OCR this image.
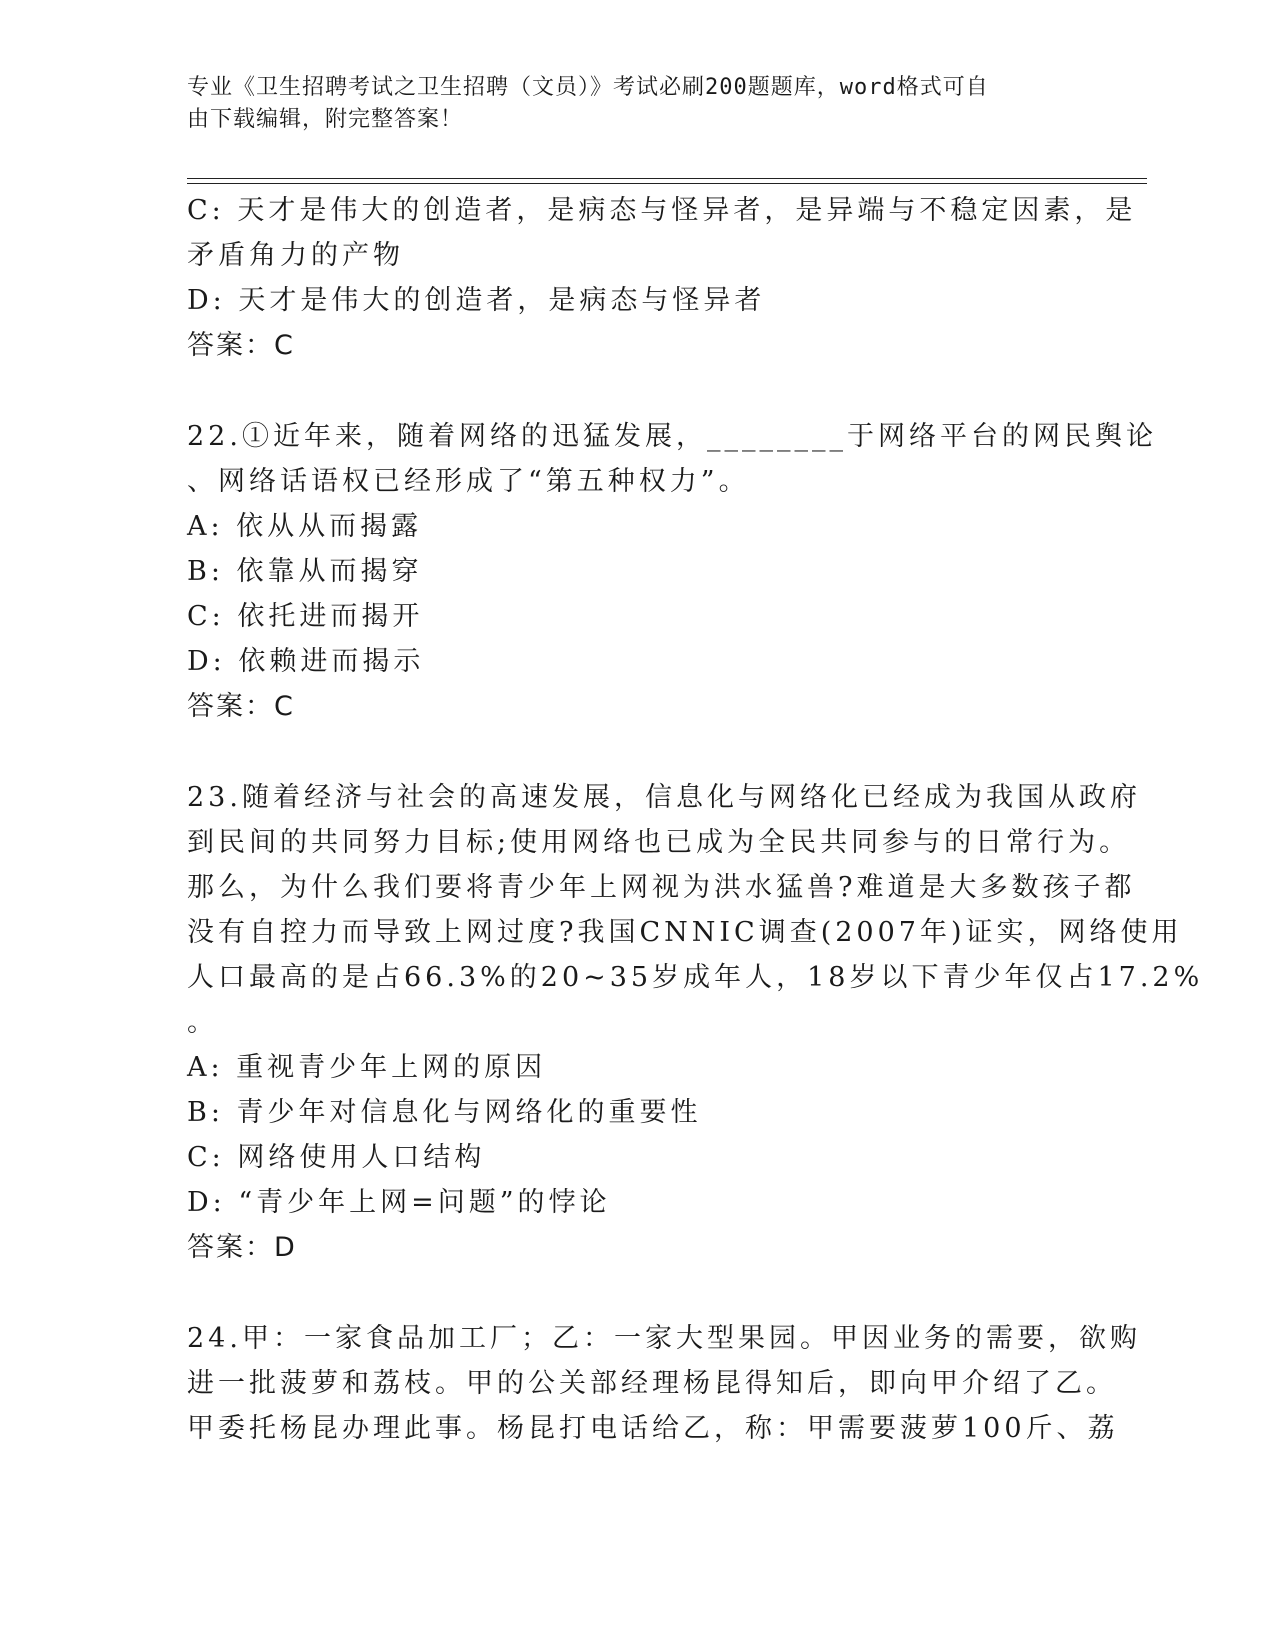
专业《卫生招聘考试之卫生招聘（文员）》考试必刷200题题库，word格式可自
由下载编辑，附完整答案！
C: 天才是伟大的创造者，是病态与怪异者，是异端与不稳定因素，是
矛盾角力的产物
D: 天才是伟大的创造者，是病态与怪异者
答案：C
22.①近年来，随着网络的迅猛发展，________于网络平台的网民舆论
、网络话语权已经形成了“第五种权力”。
A: 依从从而揭露
B: 依靠从而揭穿
C: 依托进而揭开
D: 依赖进而揭示
答案：C
23.随着经济与社会的高速发展，信息化与网络化已经成为我国从政府
到民间的共同努力目标;使用网络也已成为全民共同参与的日常行为。
那么，为什么我们要将青少年上网视为洪水猛兽?难道是大多数孩子都
没有自控力而导致上网过度?我国CNNIC调查(2007年)证实，网络使用
人口最高的是占66.3%的20~35岁成年人，18岁以下青少年仅占17.2%
。
A: 重视青少年上网的原因
B: 青少年对信息化与网络化的重要性
C: 网络使用人口结构
D: “青少年上网=问题”的悖论
答案：D
24.甲：一家食品加工厂；乙：一家大型果园。甲因业务的需要，欲购
进一批菠萝和荔枝。甲的公关部经理杨昆得知后，即向甲介绍了乙。
甲委托杨昆办理此事。杨昆打电话给乙，称：甲需要菠萝100斤、荔
